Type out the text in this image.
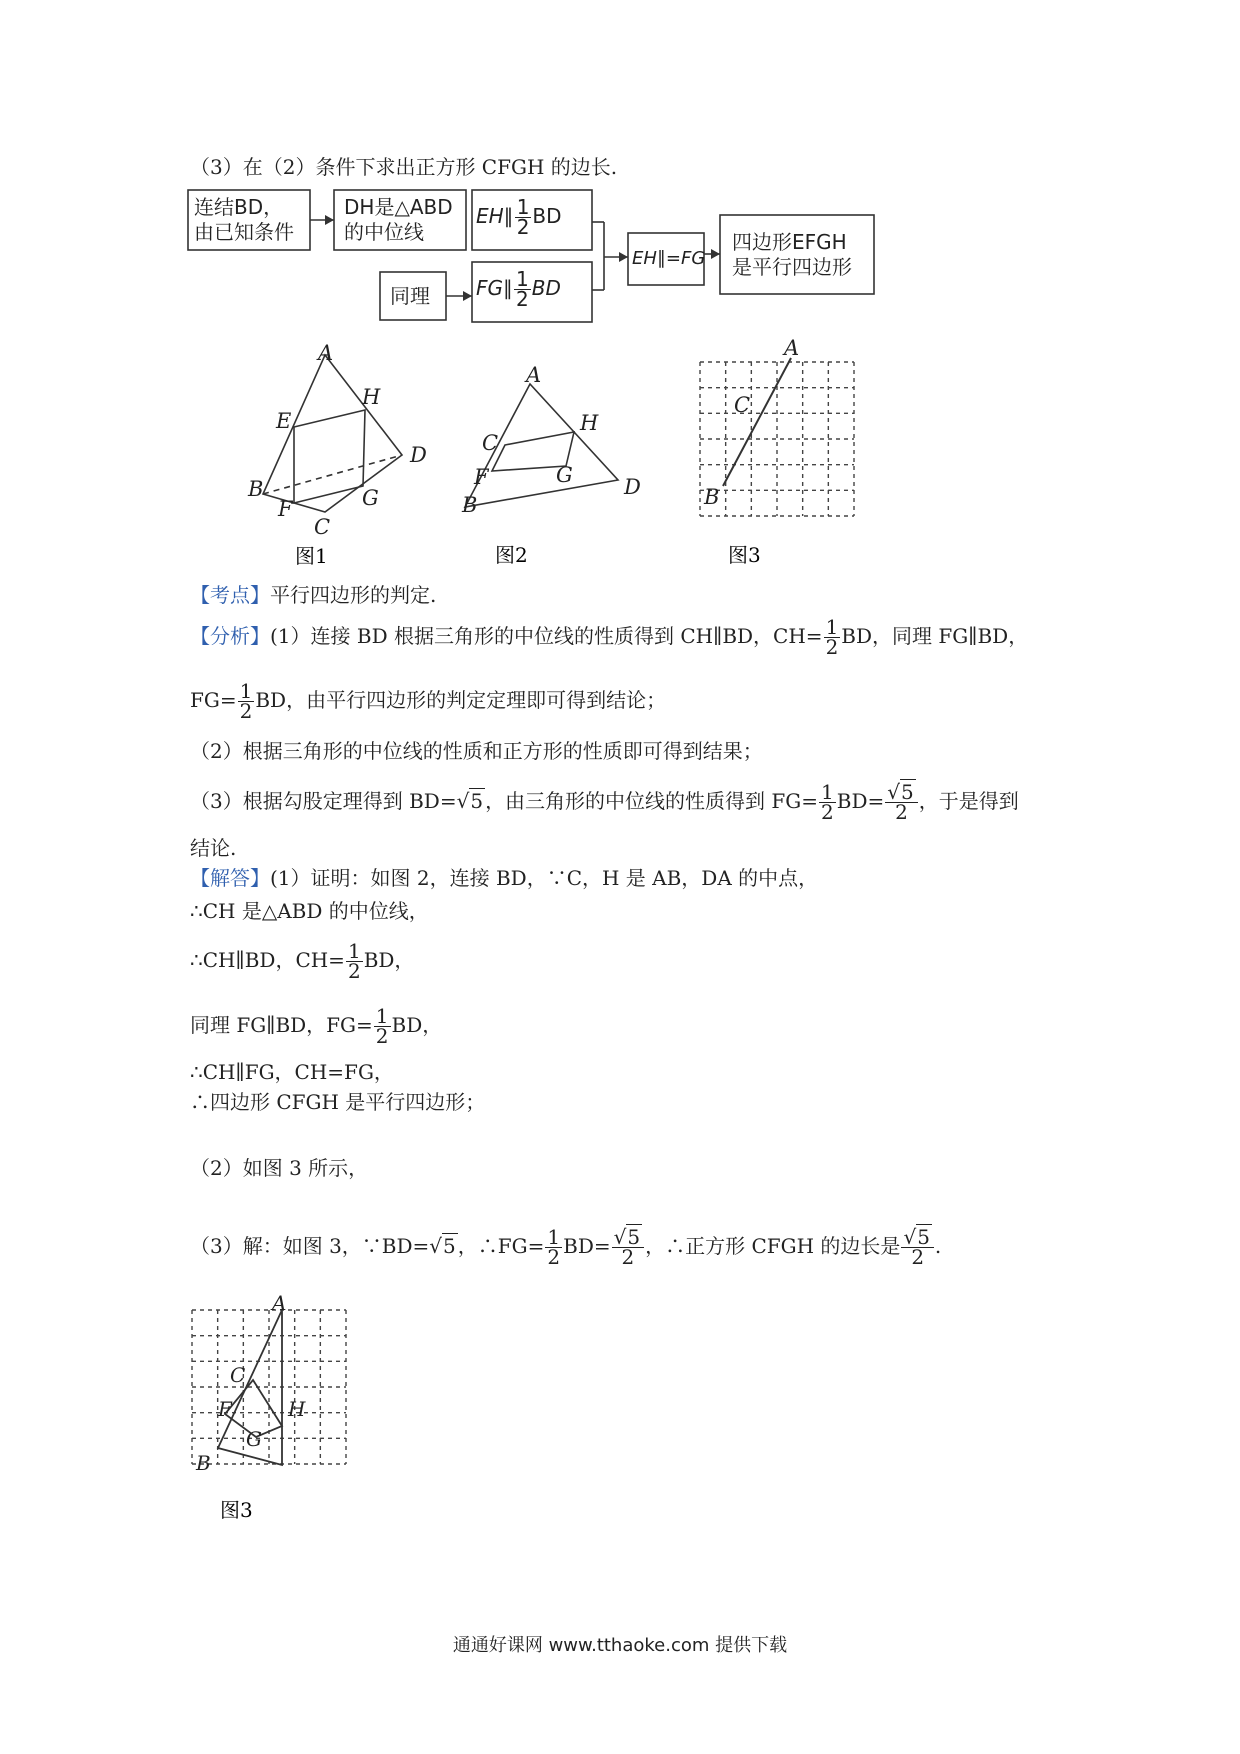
（3）在（2）条件下求出正方形 CFGH 的边长.
连结BD，
由已知条件
DH是△ABD
的中位线
EH∥ $\frac{1}{2}$ BD
同理 FG∥ $\frac{1}{2}$ BD
EH∥=FG
四边形EFGH
是平行四边形
A
H
E
D
B	G
F
C
图1
A
H
C
F	G
B
D
图2
A
C
B
图3
【考点】平行四边形的判定.
【分析】(1）连接 BD 根据三角形的中位线的性质得到 CH∥BD，$CH= \frac{1}{2}$ BD，同理 FG∥BD，
$FG= \frac{1}{2}$ BD，由平行四边形的判定定理即可得到结论；
（2）根据三角形的中位线的性质和正方形的性质即可得到结果；
（3）根据勾股定理得到 BD=√5 ，由三角形的中位线的性质得到 $FG= \frac{1}{2} BD= \frac{√5}{2}$ ，于是得到
结论.
【解答】(1）证明：如图 2，连接 BD，∵C，H 是 AB，DA 的中点，
∴CH 是△ABD 的中位线，
∴CH∥BD，$CH= \frac{1}{2}$ BD，
同理 FG∥BD，$FG= \frac{1}{2}$ BD，
∴CH∥FG，CH=FG，
∴四边形 CFGH 是平行四边形；
（2）如图 3 所示，
（3）解：如图 3，∵BD=√5 ，∴FG= $\frac{1}{2} BD= \frac{√5}{2}$ ，∴正方形 CFGH 的边长是 $\frac{√5}{2}$ .
A
C
H
F
G
B
图3
通通好课网 www.tthaoke.com 提供下载
